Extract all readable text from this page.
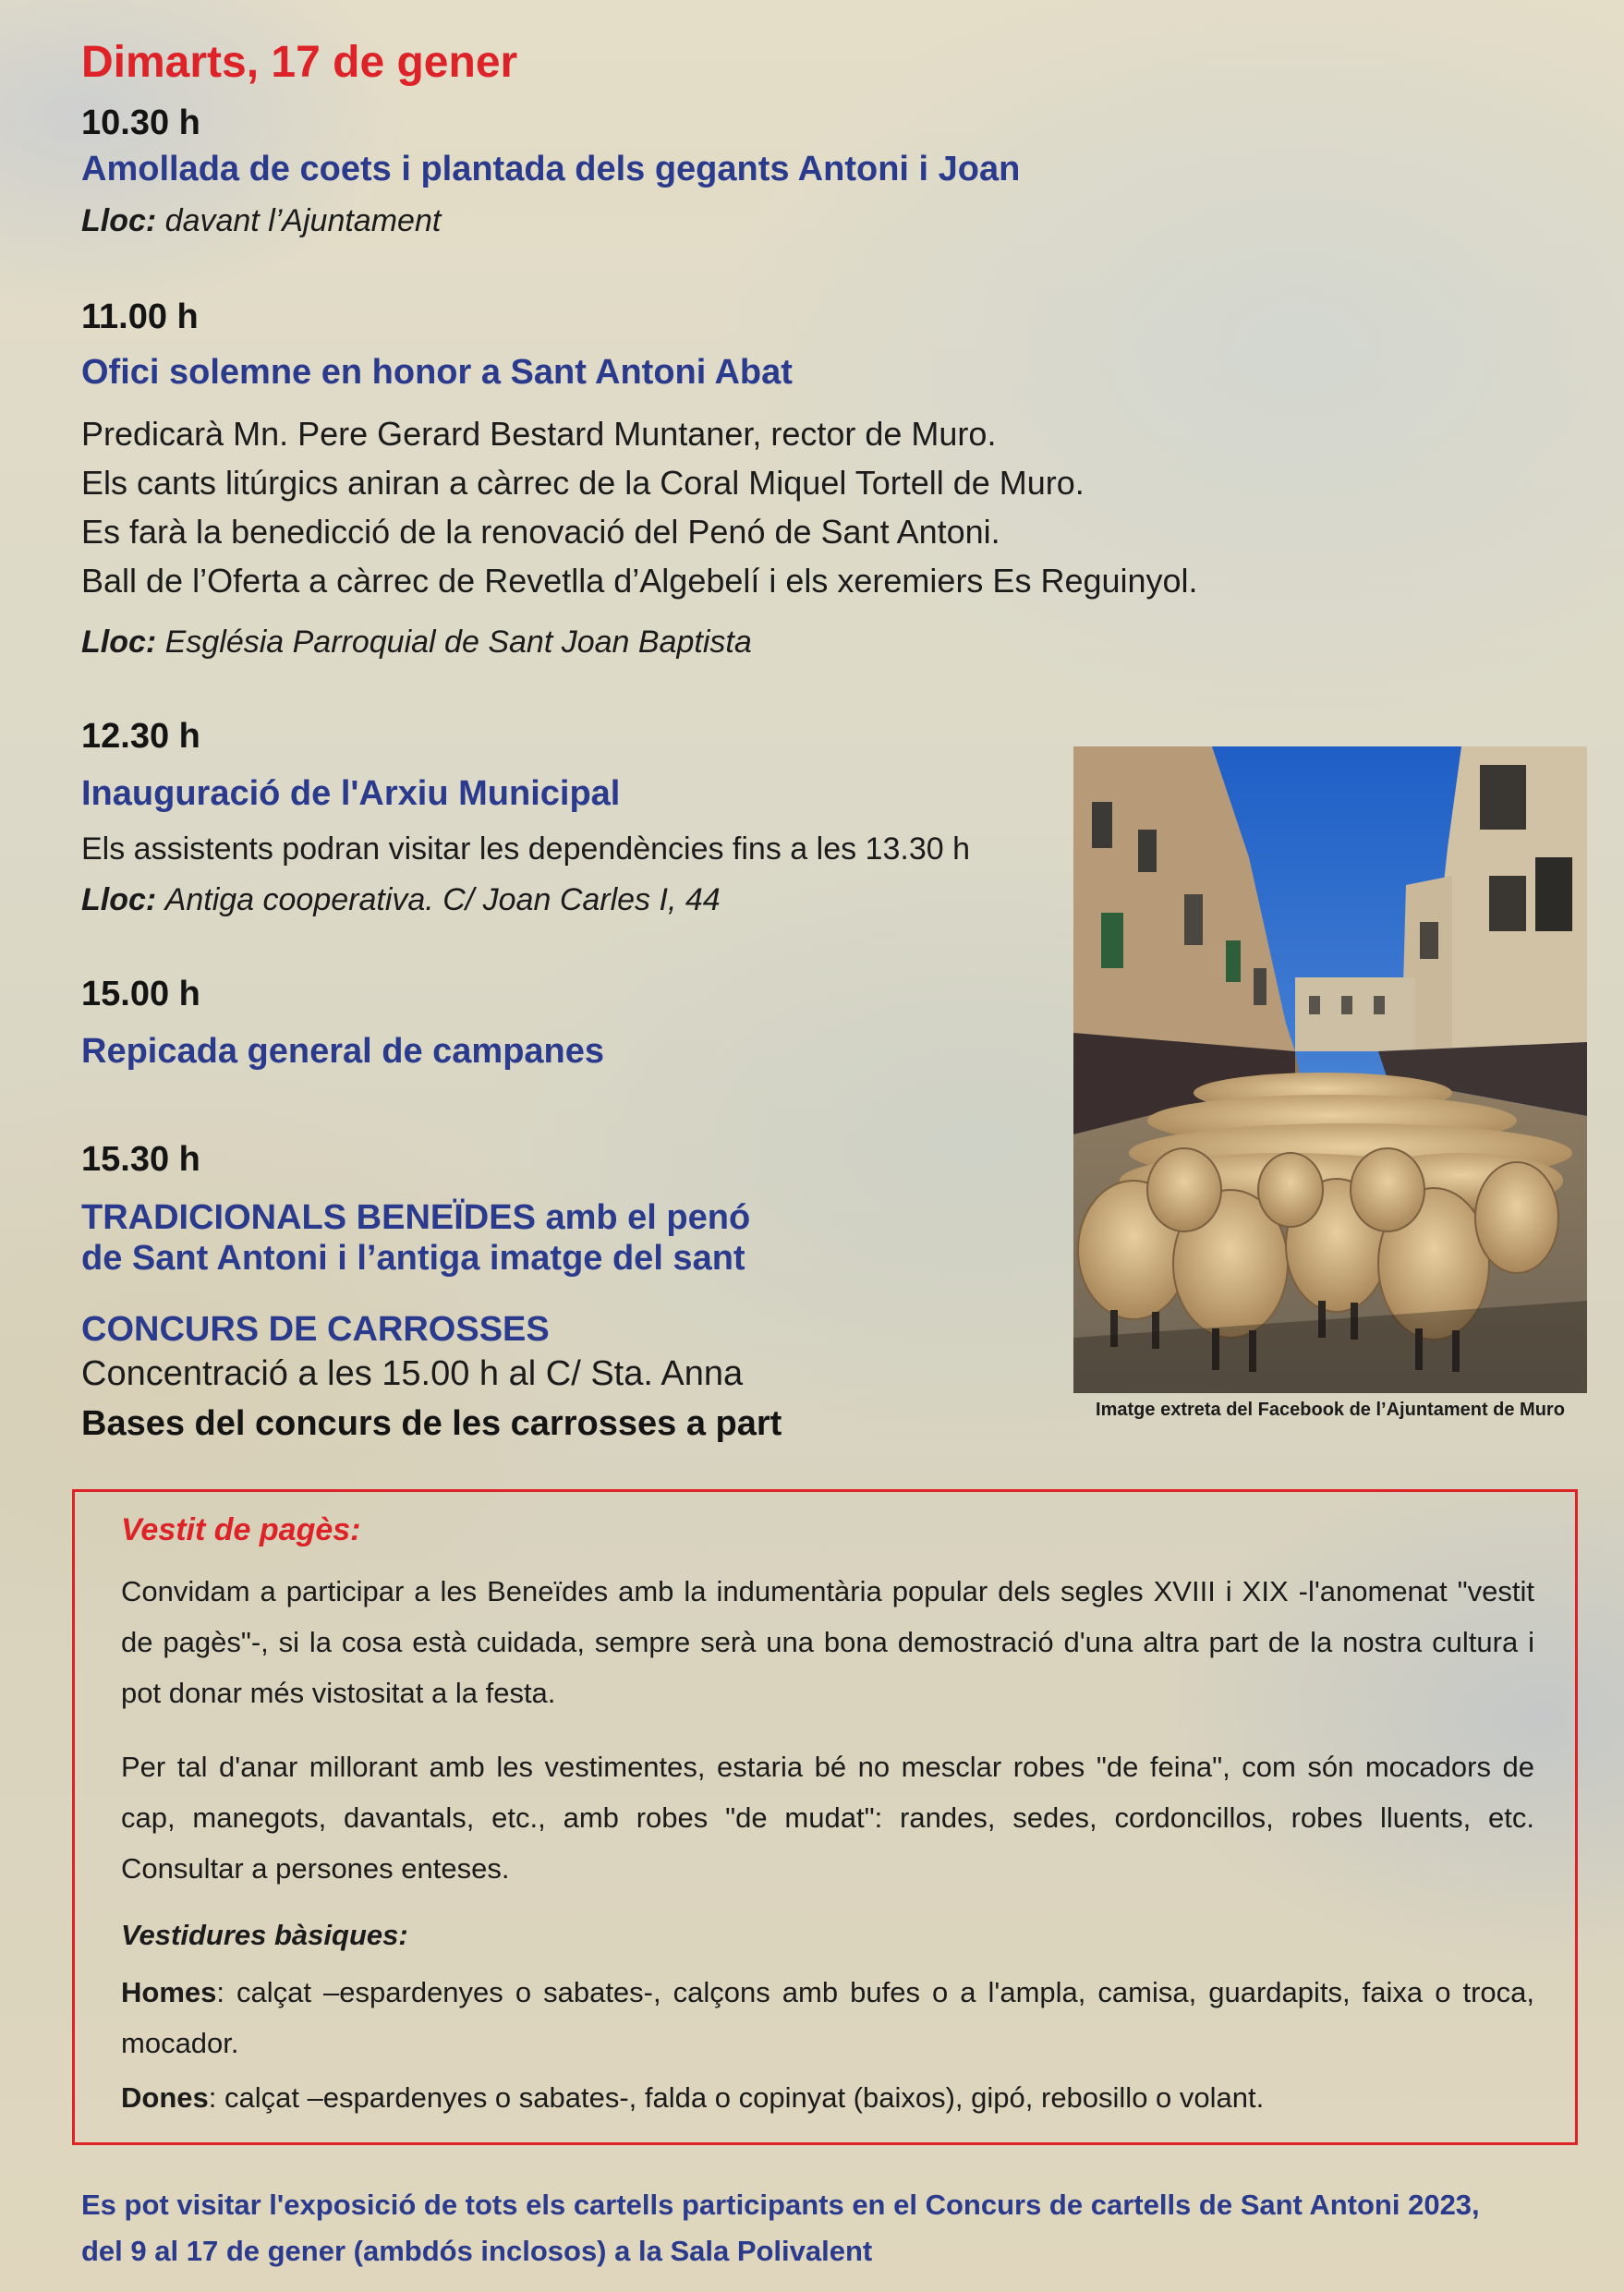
Dimarts, 17 de gener
10.30 h
Amollada de coets i plantada dels gegants Antoni i Joan
Lloc: davant l’Ajuntament
11.00 h
Ofici solemne en honor a Sant Antoni Abat
Predicarà Mn. Pere Gerard Bestard Muntaner, rector de Muro.
Els cants litúrgics aniran a càrrec de la Coral Miquel Tortell de Muro.
Es farà la benedicció de la renovació del Penó de Sant Antoni.
Ball de l’Oferta a càrrec de Revetlla d’Algebelí i els xeremiers Es Reguinyol.
Lloc: Església Parroquial de Sant Joan Baptista
12.30 h
Inauguració de l'Arxiu Municipal
Els assistents podran visitar les dependències fins a les 13.30 h
Lloc: Antiga cooperativa. C/ Joan Carles I, 44
15.00 h
Repicada general de campanes
15.30 h
TRADICIONALS BENEÏDES amb el penó
de Sant Antoni i l’antiga imatge del sant
CONCURS DE CARROSSES
Concentració a les 15.00 h al C/ Sta. Anna
Bases del concurs de les carrosses a part	Imatge extreta del Facebook de l’Ajuntament de Muro
Vestit de pagès:
Convidam a participar a les Beneïdes amb la indumentària popular dels segles XVIII i XIX -l'anomenat "vestit de pagès"-, si la cosa està cuidada, sempre serà una bona demostració d'una altra part de la nostra cultura i pot donar més vistositat a la festa.
Per tal d'anar millorant amb les vestimentes, estaria bé no mesclar robes "de feina", com són mocadors de cap, manegots, davantals, etc., amb robes "de mudat": randes, sedes, cordoncillos, robes lluents, etc. Consultar a persones enteses.
Vestidures bàsiques:
Homes: calçat –espardenyes o sabates-, calçons amb bufes o a l'ampla, camisa, guardapits, faixa o troca, mocador.
Dones: calçat –espardenyes o sabates-, falda o copinyat (baixos), gipó, rebosillo o volant.
Es pot visitar l'exposició de tots els cartells participants en el Concurs de cartells de Sant Antoni 2023,
del 9 al 17 de gener (ambdós inclosos) a la Sala Polivalent
